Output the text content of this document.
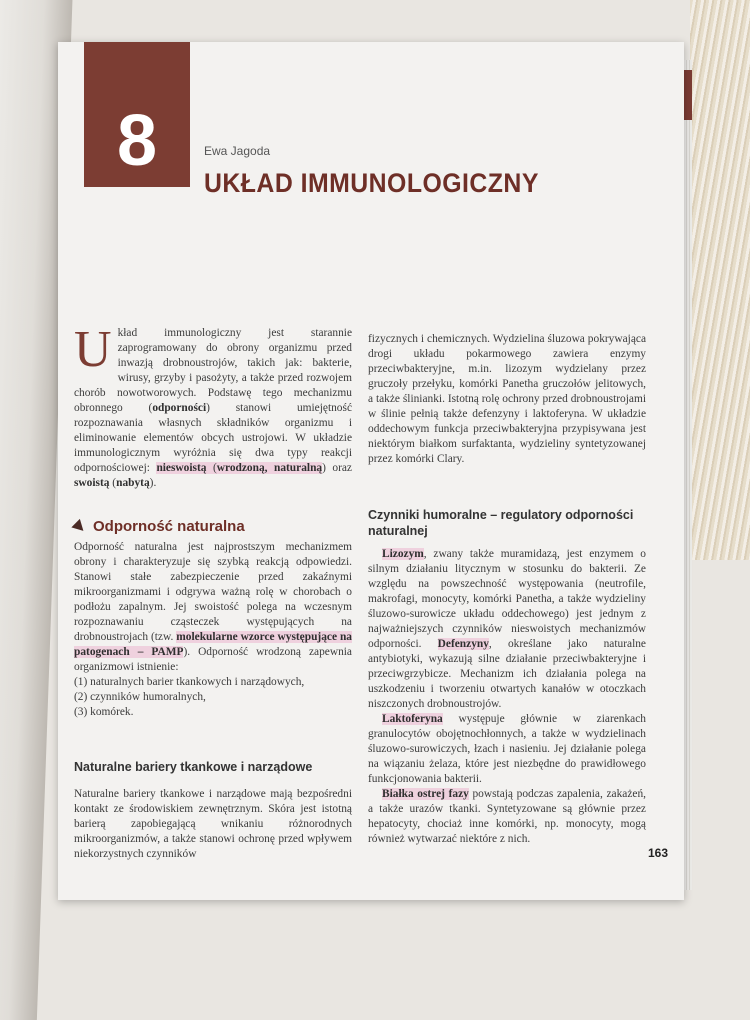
8	Ewa Jagoda
UKŁAD IMMUNOLOGICZNY

Układ immunologiczny jest starannie zaprogramowany do obrony organizmu przed inwazją drobnoustrojów, takich jak: bakterie, wirusy, grzyby i pasożyty, a także przed rozwojem chorób nowotworowych. Podstawę tego mechanizmu obronnego (odporności) stanowi umiejętność rozpoznawania własnych składników organizmu i eliminowanie elementów obcych ustrojowi. W układzie immunologicznym wyróżnia się dwa typy reakcji odpornościowej: nieswoistą (wrodzoną, naturalną) oraz swoistą (nabytą).

Odporność naturalna

Odporność naturalna jest najprostszym mechanizmem obrony i charakteryzuje się szybką reakcją odpowiedzi. Stanowi stałe zabezpieczenie przed zakaźnymi mikroorganizmami i odgrywa ważną rolę w chorobach o podłożu zapalnym. Jej swoistość polega na wczesnym rozpoznawaniu cząsteczek występujących na drobnoustrojach (tzw. molekularne wzorce występujące na patogenach – PAMP). Odporność wrodzoną zapewnia organizmowi istnienie:

(1) naturalnych barier tkankowych i narządowych,
(2) czynników humoralnych,
(3) komórek.
Naturalne bariery tkankowe i narządowe

Naturalne bariery tkankowe i narządowe mają bezpośredni kontakt ze środowiskiem zewnętrznym. Skóra jest istotną barierą zapobiegającą wnikaniu różnorodnych mikroorganizmów, a także stanowi ochronę przed wpływem niekorzystnych czynników

fizycznych i chemicznych. Wydzielina śluzowa pokrywająca drogi układu pokarmowego zawiera enzymy przeciwbakteryjne, m.in. lizozym wydzielany przez gruczoły przełyku, komórki Panetha gruczołów jelitowych, a także ślinianki. Istotną rolę ochrony przed drobnoustrojami w ślinie pełnią także defenzyny i laktoferyna. W układzie oddechowym funkcja przeciwbakteryjna przypisywana jest niektórym białkom surfaktanta, wydzieliny syntetyzowanej przez komórki Clary.

Czynniki humoralne – regulatory odporności naturalnej

Lizozym, zwany także muramidazą, jest enzymem o silnym działaniu litycznym w stosunku do bakterii. Ze względu na powszechność występowania (neutrofile, makrofagi, monocyty, komórki Panetha, a także wydzieliny śluzowo-surowicze układu oddechowego) jest jednym z najważniejszych czynników nieswoistych mechanizmów odporności. Defenzyny, określane jako naturalne antybiotyki, wykazują silne działanie przeciwbakteryjne i przeciwgrzybicze. Mechanizm ich działania polega na uszkodzeniu i tworzeniu otwartych kanałów w otoczkach niszczonych drobnoustrojów.

Laktoferyna występuje głównie w ziarenkach granulocytów obojętnochłonnych, a także w wydzielinach śluzowo-surowiczych, łzach i nasieniu. Jej działanie polega na wiązaniu żelaza, które jest niezbędne do prawidłowego funkcjonowania bakterii.

Białka ostrej fazy powstają podczas zapalenia, zakażeń, a także urazów tkanki. Syntetyzowane są głównie przez hepatocyty, chociaż inne komórki, np. monocyty, mogą również wytwarzać niektóre z nich.

163
